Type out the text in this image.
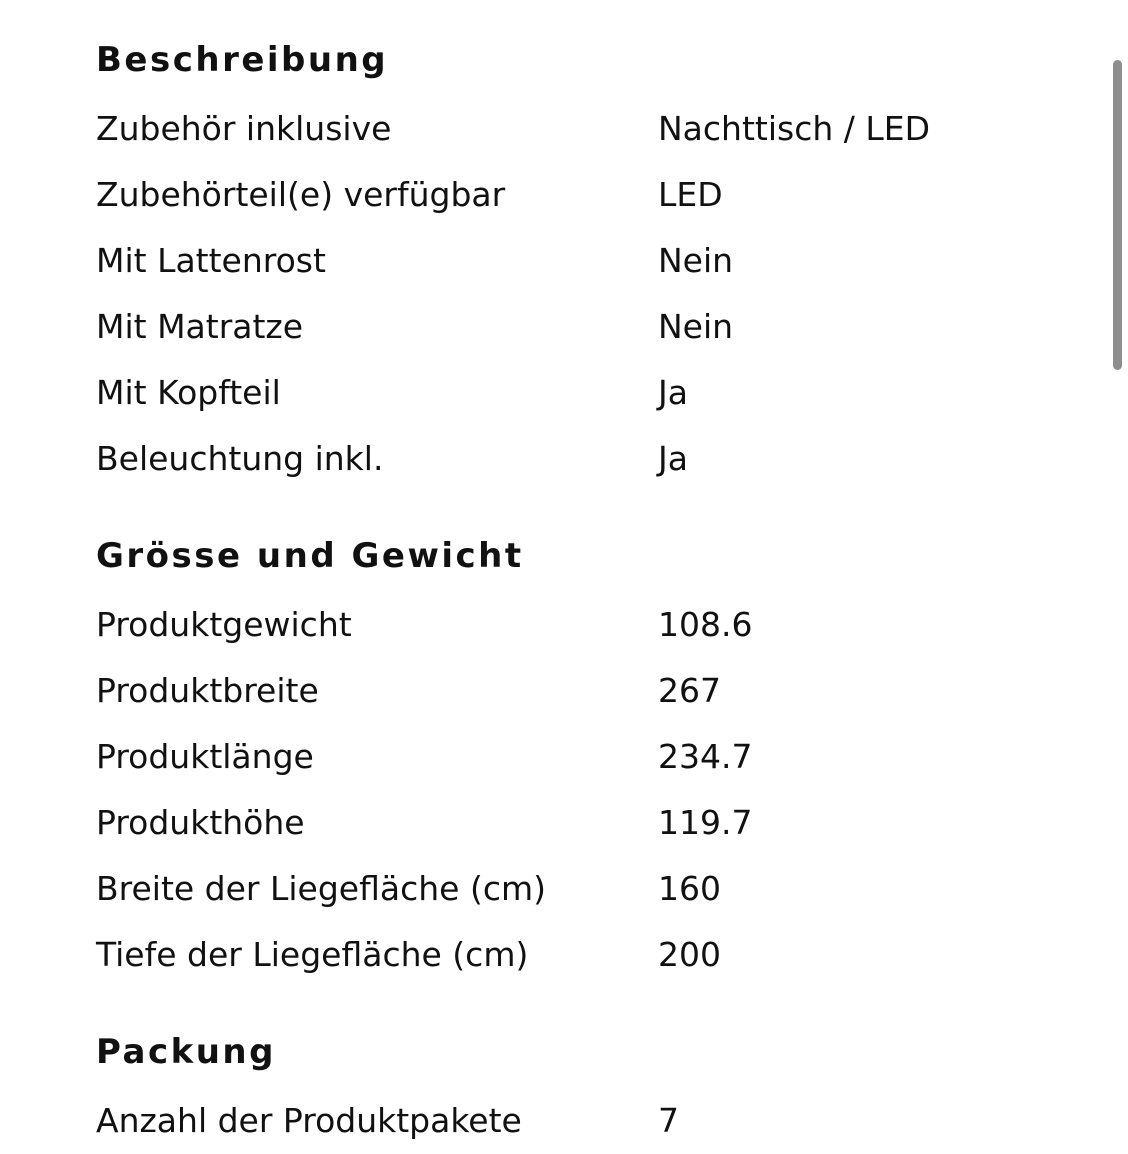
Beschreibung
Zubehör inklusive	Nachttisch / LED
Zubehörteil(e) verfügbar	LED
Mit Lattenrost	Nein
Mit Matratze	Nein
Mit Kopfteil	Ja
Beleuchtung inkl.	Ja
Grösse und Gewicht
Produktgewicht	108.6
Produktbreite	267
Produktlänge	234.7
Produkthöhe	119.7
Breite der Liegefläche (cm)	160
Tiefe der Liegefläche (cm)	200
Packung
Anzahl der Produktpakete	7
